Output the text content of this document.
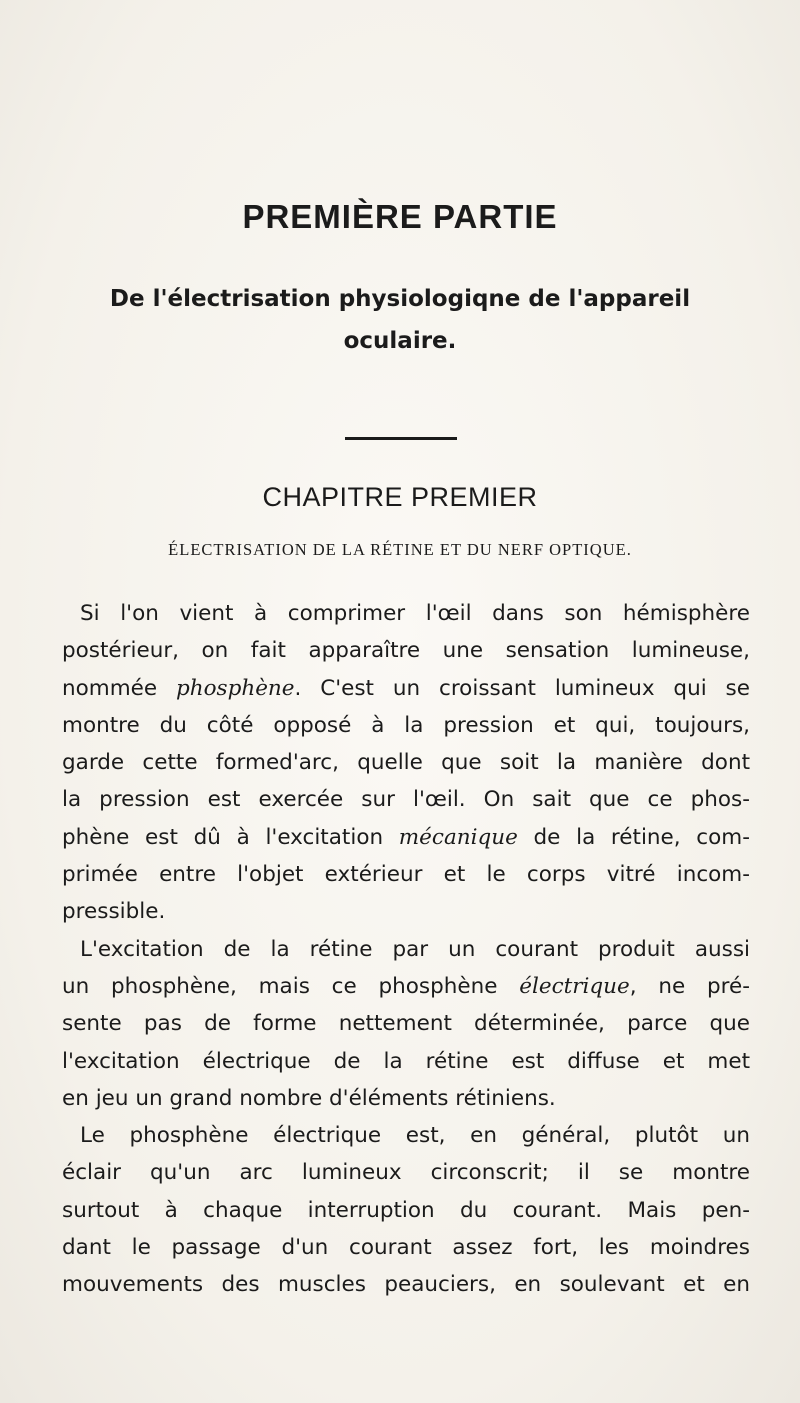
PREMIÈRE PARTIE
De l'électrisation physiologiqne de l'appareil
oculaire.
CHAPITRE PREMIER
ÉLECTRISATION DE LA RÉTINE ET DU NERF OPTIQUE.
Si l'on vient à comprimer l'œil dans son hémisphère
postérieur, on fait apparaître une sensation lumineuse,
nommée phosphène. C'est un croissant lumineux qui se
montre du côté opposé à la pression et qui, toujours,
garde cette formed'arc, quelle que soit la manière dont
la pression est exercée sur l'œil. On sait que ce phos-
phène est dû à l'excitation mécanique de la rétine, com-
primée entre l'objet extérieur et le corps vitré incom-
pressible.
L'excitation de la rétine par un courant produit aussi
un phosphène, mais ce phosphène électrique, ne pré-
sente pas de forme nettement déterminée, parce que
l'excitation électrique de la rétine est diffuse et met
en jeu un grand nombre d'éléments rétiniens.
Le phosphène électrique est, en général, plutôt un
éclair qu'un arc lumineux circonscrit; il se montre
surtout à chaque interruption du courant. Mais pen-
dant le passage d'un courant assez fort, les moindres
mouvements des muscles peauciers, en soulevant et en
